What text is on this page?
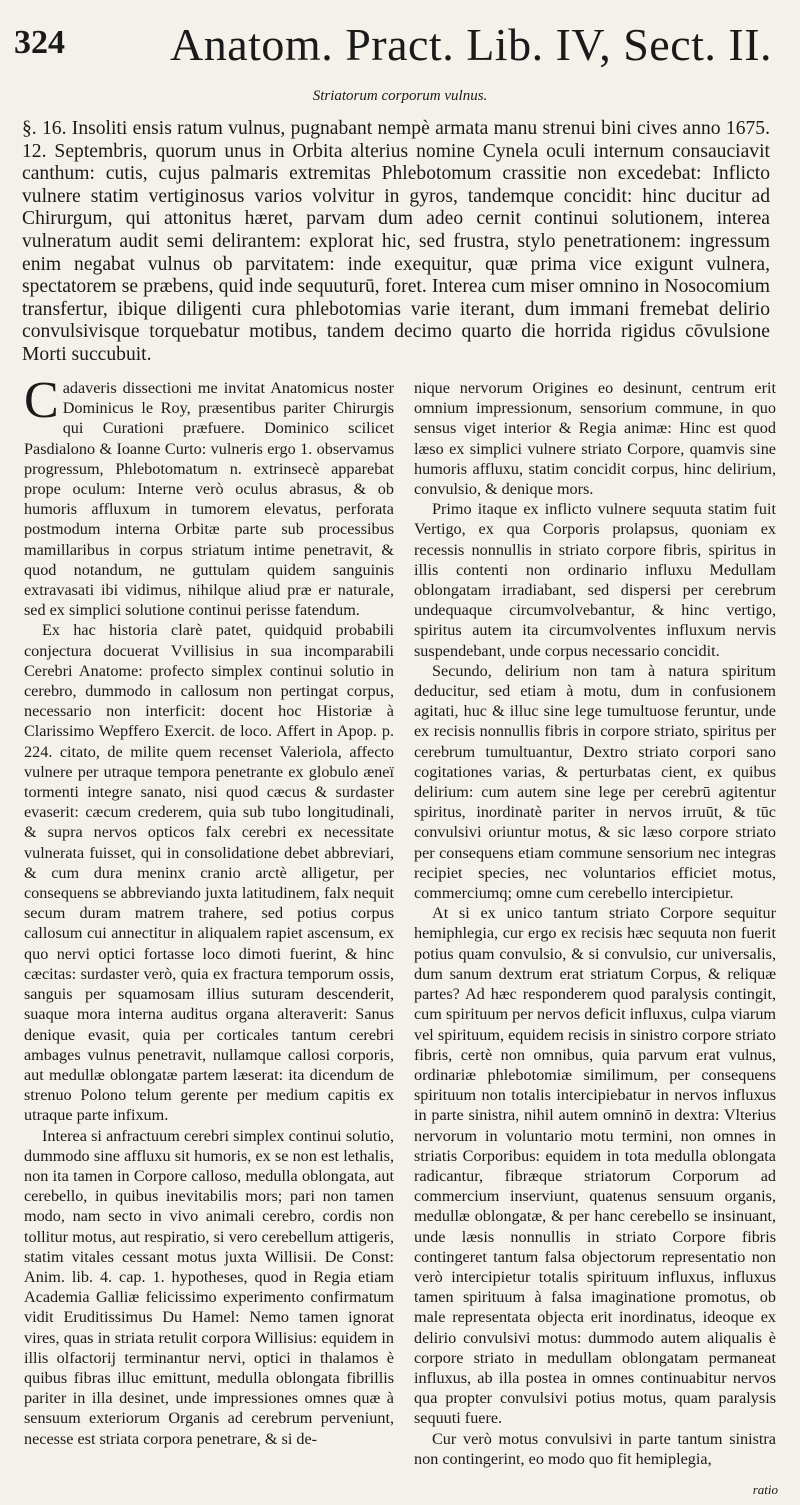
324 Anatom. Pract. Lib. IV, Sect. II.
Striatorum corporum vulnus.

§. 16. Insoliti ensis ratum vulnus, pugnabant nempè armata manu strenui bini cives anno 1675. 12. Septembris, quorum unus in Orbita alterius nomine Cynela oculi internum consauciavit canthum: cutis, cujus palmaris extremitas Phlebotomum crassitie non excedebat: Inflicto vulnere statim vertiginosus varios volvitur in gyros, tandemque concidit: hinc ducitur ad Chirurgum, qui attonitus hæret, parvam dum adeo cernit continui solutionem, interea vulneratum audit semi delirantem: explorat hic, sed frustra, stylo penetrationem: ingressum enim negabat vulnus ob parvitatem: inde exequitur, quæ prima vice exigunt vulnera, spectatorem se præbens, quid inde sequuturū, foret. Interea cum miser omnino in Nosocomium transfertur, ibique diligenti cura phlebotomias varie iterant, dum immani fremebat delirio convulsivisque torquebatur motibus, tandem decimo quarto die horrida rigidus cōvulsione Morti succubuit.

Cadaveris dissectioni me invitat Anatomicus noster Dominicus le Roy, præsentibus pariter Chirurgis qui Curationi præfuere. Dominico scilicet Pasdialono & Ioanne Curto: vulneris ergo 1. observamus progressum, Phlebotomatum n. extrinsecè apparebat prope oculum: Interne verò oculus abrasus, & ob humoris affluxum in tumorem elevatus, perforata postmodum interna Orbitæ parte sub processibus mamillaribus in corpus striatum intime penetravit, & quod notandum, ne guttulam quidem sanguinis extravasati ibi vidimus, nihilque aliud præ er naturale, sed ex simplici solutione continui perisse fatendum.

Ex hac historia clarè patet, quidquid probabili conjectura docuerat Vvillisius in sua incomparabili Cerebri Anatome: profecto simplex continui solutio in cerebro, dummodo in callosum non pertingat corpus, necessario non interficit: docent hoc Historiæ à Clarissimo Wepffero Exercit. de loco. Affert in Apop. p. 224. citato, de milite quem recenset Valeriola, affecto vulnere per utraque tempora penetrante ex globulo æneï tormenti integre sanato, nisi quod cæcus & surdaster evaserit: cæcum crederem, quia sub tubo longitudinali, & supra nervos opticos falx cerebri ex necessitate vulnerata fuisset, qui in consolidatione debet abbreviari, & cum dura meninx cranio arctè alligetur, per consequens se abbreviando juxta latitudinem, falx nequit secum duram matrem trahere, sed potius corpus callosum cui annectitur in aliqualem rapiet ascensum, ex quo nervi optici fortasse loco dimoti fuerint, & hinc cæcitas: surdaster verò, quia ex fractura temporum ossis, sanguis per squamosam illius suturam descenderit, suaque mora interna auditus organa alteraverit: Sanus denique evasit, quia per corticales tantum cerebri ambages vulnus penetravit, nullamque callosi corporis, aut medullæ oblongatæ partem læserat: ita dicendum de strenuo Polono telum gerente per medium capitis ex utraque parte infixum.

Interea si anfractuum cerebri simplex continui solutio, dummodo sine affluxu sit humoris, ex se non est lethalis, non ita tamen in Corpore calloso, medulla oblongata, aut cerebello, in quibus inevitabilis mors; pari non tamen modo, nam secto in vivo animali cerebro, cordis non tollitur motus, aut respiratio, si vero cerebellum attigeris, statim vitales cessant motus juxta Willisii. De Const: Anim. lib. 4. cap. 1. hypotheses, quod in Regia etiam Academia Galliæ felicissimo experimento confirmatum vidit Eruditissimus Du Hamel: Nemo tamen ignorat vires, quas in striata retulit corpora Willisius: equidem in illis olfactorij terminantur nervi, optici in thalamos è quibus fibras illuc emittunt, medulla oblongata fibrillis pariter in illa desinet, unde impressiones omnes quæ à sensuum exteriorum Organis ad cerebrum perveniunt, necesse est striata corpora penetrare, & si de-

nique nervorum Origines eo desinunt, centrum erit omnium impressionum, sensorium commune, in quo sensus viget interior & Regia animæ: Hinc est quod læso ex simplici vulnere striato Corpore, quamvis sine humoris affluxu, statim concidit corpus, hinc delirium, convulsio, & denique mors.

Primo itaque ex inflicto vulnere sequuta statim fuit Vertigo, ex qua Corporis prolapsus, quoniam ex recessis nonnullis in striato corpore fibris, spiritus in illis contenti non ordinario influxu Medullam oblongatam irradiabant, sed dispersi per cerebrum undequaque circumvolvebantur, & hinc vertigo, spiritus autem ita circumvolventes influxum nervis suspendebant, unde corpus necessario concidit.

Secundo, delirium non tam à natura spiritum deducitur, sed etiam à motu, dum in confusionem agitati, huc & illuc sine lege tumultuose feruntur, unde ex recisis nonnullis fibris in corpore striato, spiritus per cerebrum tumultuantur, Dextro striato corpori sano cogitationes varias, & perturbatas cient, ex quibus delirium: cum autem sine lege per cerebrū agitentur spiritus, inordinatè pariter in nervos irruūt, & tūc convulsivi oriuntur motus, & sic læso corpore striato per consequens etiam commune sensorium nec integras recipiet species, nec voluntarios efficiet motus, commerciumq; omne cum cerebello intercipietur.

At si ex unico tantum striato Corpore sequitur hemiphlegia, cur ergo ex recisis hæc sequuta non fuerit potius quam convulsio, & si convulsio, cur universalis, dum sanum dextrum erat striatum Corpus, & reliquæ partes? Ad hæc responderem quod paralysis contingit, cum spirituum per nervos deficit influxus, culpa viarum vel spirituum, equidem recisis in sinistro corpore striato fibris, certè non omnibus, quia parvum erat vulnus, ordinariæ phlebotomiæ similimum, per consequens spirituum non totalis intercipiebatur in nervos influxus in parte sinistra, nihil autem omninō in dextra: Vlterius nervorum in voluntario motu termini, non omnes in striatis Corporibus: equidem in tota medulla oblongata radicantur, fibræque striatorum Corporum ad commercium inserviunt, quatenus sensuum organis, medullæ oblongatæ, & per hanc cerebello se insinuant, unde læsis nonnullis in striato Corpore fibris contingeret tantum falsa objectorum representatio non verò intercipietur totalis spirituum influxus, influxus tamen spirituum à falsa imaginatione promotus, ob male representata objecta erit inordinatus, ideoque ex delirio convulsivi motus: dummodo autem aliqualis è corpore striato in medullam oblongatam permaneat influxus, ab illa postea in omnes continuabitur nervos qua propter convulsivi potius motus, quam paralysis sequuti fuere.

Cur verò motus convulsivi in parte tantum sinistra non contingerint, eo modo quo fit hemiplegia,

ratio
